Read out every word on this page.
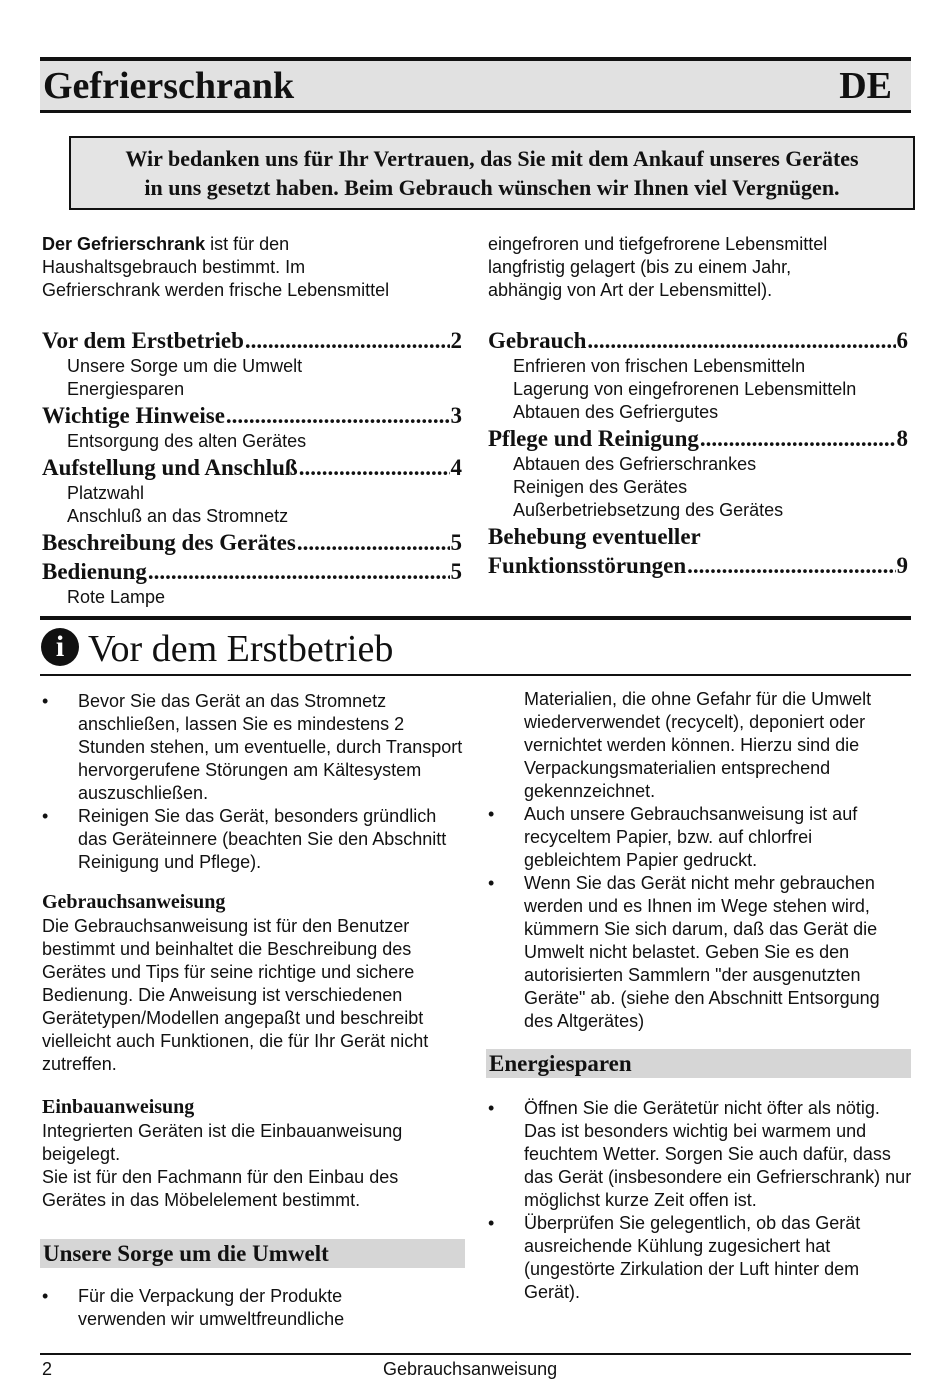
Gefrierschrank	DE
Wir bedanken uns für Ihr Vertrauen, das Sie mit dem Ankauf unseres Gerätes
in uns gesetzt haben. Beim Gebrauch wünschen wir Ihnen viel Vergnügen.
Der Gefrierschrank ist für den
Haushaltsgebrauch bestimmt. Im
Gefrierschrank werden frische Lebensmittel
eingefroren und tiefgefrorene Lebensmittel
langfristig gelagert (bis zu einem Jahr,
abhängig von Art der Lebensmittel).
Vor dem Erstbetrieb .....	2
Unsere Sorge um die Umwelt
Energiesparen
Wichtige Hinweise .....	3
Entsorgung des alten Gerätes
Aufstellung und Anschluß .....	4
Platzwahl
Anschluß an das Stromnetz
Beschreibung des Gerätes .....	5
Bedienung .....	5
Rote Lampe
Gebrauch .....	6
Enfrieren von frischen Lebensmitteln
Lagerung von eingefrorenen Lebensmitteln
Abtauen des Gefriergutes
Pflege und Reinigung .....	8
Abtauen des Gefrierschrankes
Reinigen des Gerätes
Außerbetriebsetzung des Gerätes
Behebung eventueller
Funktionsstörungen .....	9
i Vor dem Erstbetrieb
• Bevor Sie das Gerät an das Stromnetz anschließen, lassen Sie es mindestens 2 Stunden stehen, um eventuelle, durch Transport hervorgerufene Störungen am Kältesystem auszuschließen.
• Reinigen Sie das Gerät, besonders gründlich das Geräteinnere (beachten Sie den Abschnitt Reinigung und Pflege).
Gebrauchsanweisung
Die Gebrauchsanweisung ist für den Benutzer bestimmt und beinhaltet die Beschreibung des Gerätes und Tips für seine richtige und sichere Bedienung. Die Anweisung ist verschiedenen Gerätetypen/Modellen angepaßt und beschreibt vielleicht auch Funktionen, die für Ihr Gerät nicht zutreffen.
Einbauanweisung
Integrierten Geräten ist die Einbauanweisung beigelegt.
Sie ist für den Fachmann für den Einbau des Gerätes in das Möbelelement bestimmt.
Unsere Sorge um die Umwelt
• Für die Verpackung der Produkte verwenden wir umweltfreundliche
Materialien, die ohne Gefahr für die Umwelt wiederverwendet (recycelt), deponiert oder vernichtet werden können. Hierzu sind die Verpackungsmaterialien entsprechend gekennzeichnet.
• Auch unsere Gebrauchsanweisung ist auf recyceltem Papier, bzw. auf chlorfrei gebleichtem Papier gedruckt.
• Wenn Sie das Gerät nicht mehr gebrauchen werden und es Ihnen im Wege stehen wird, kümmern Sie sich darum, daß das Gerät die Umwelt nicht belastet. Geben Sie es den autorisierten Sammlern "der ausgenutzten Geräte" ab. (siehe den Abschnitt Entsorgung des Altgerätes)
Energiesparen
• Öffnen Sie die Gerätetür nicht öfter als nötig. Das ist besonders wichtig bei warmem und feuchtem Wetter. Sorgen Sie auch dafür, dass das Gerät (insbesondere ein Gefrierschrank) nur möglichst kurze Zeit offen ist.
• Überprüfen Sie gelegentlich, ob das Gerät ausreichende Kühlung zugesichert hat (ungestörte Zirkulation der Luft hinter dem Gerät).
2	Gebrauchsanweisung
